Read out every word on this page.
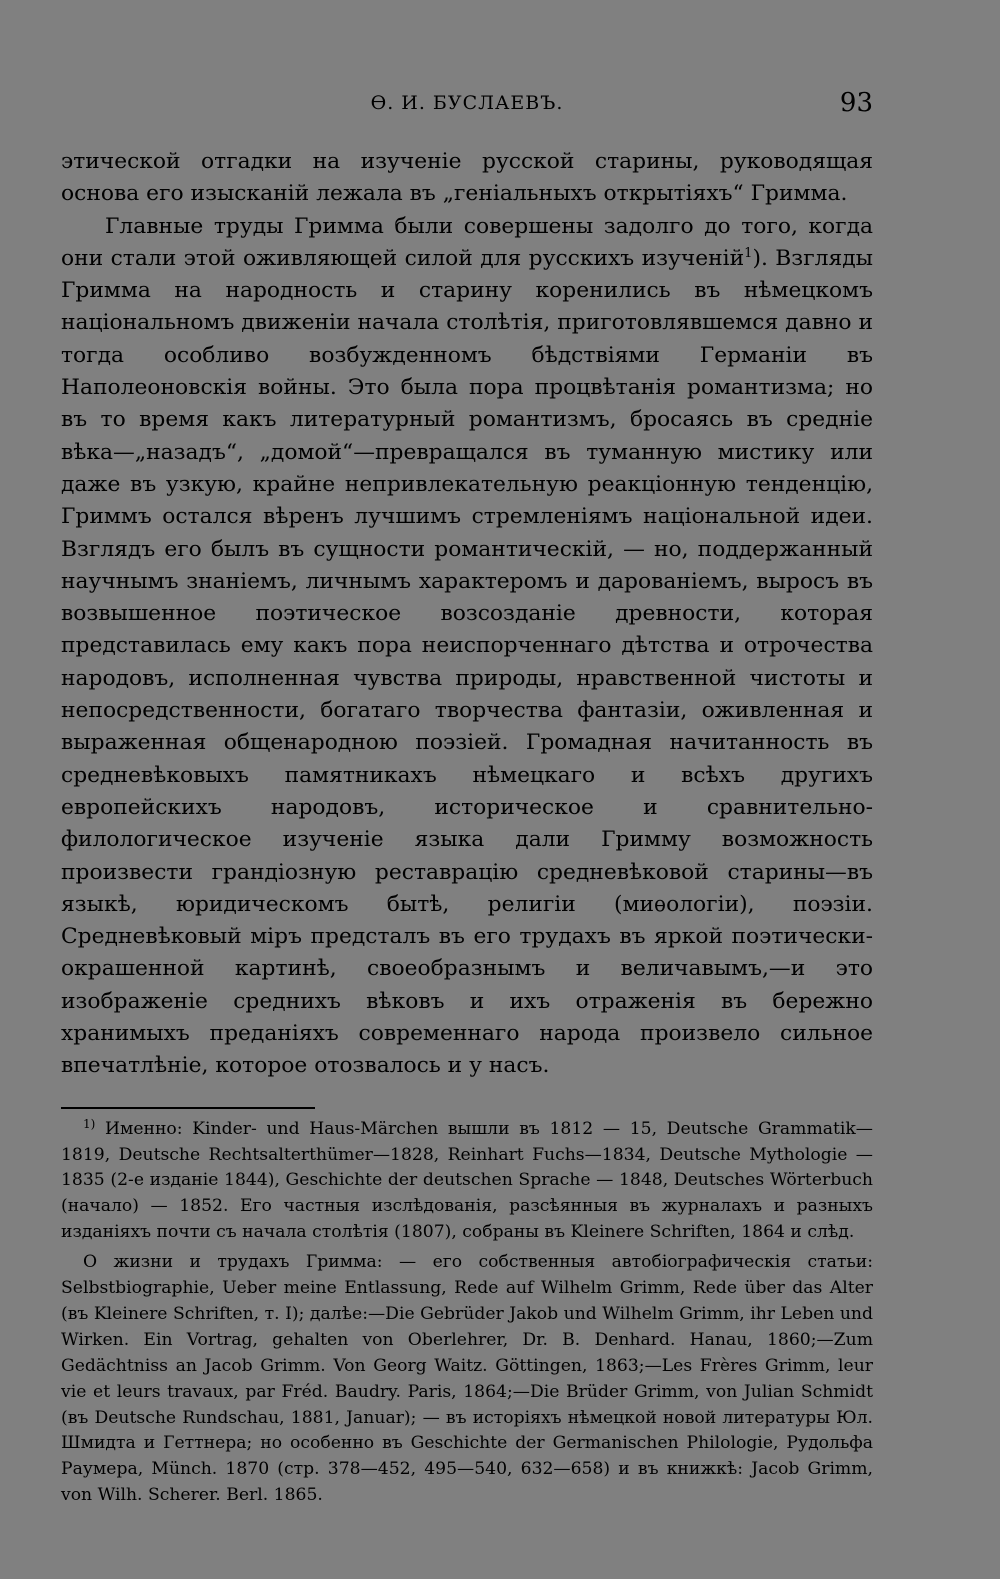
Ѳ. И. БУСЛАЕВЪ.	93

этической отгадки на изученіе русской старины, руководящая основа его изысканій лежала въ „геніальныхъ открытіяхъ“ Гримма.

Главные труды Гримма были совершены задолго до того, когда они стали этой оживляющей силой для русскихъ изученій$^1$). Взгляды Гримма на народность и старину коренились въ нѣмецкомъ національномъ движеніи начала столѣтія, приготовлявшемся давно и тогда особливо возбужденномъ бѣдствіями Германіи въ Наполеоновскія войны. Это была пора процвѣтанія романтизма; но въ то время какъ литературный романтизмъ, бросаясь въ средніе вѣка—„назадъ“, „домой“—превращался въ туманную мистику или даже въ узкую, крайне непривлекательную реакціонную тенденцію, Гриммъ остался вѣренъ лучшимъ стремленіямъ національной идеи. Взглядъ его былъ въ сущности романтическій, — но, поддержанный научнымъ знаніемъ, личнымъ характеромъ и дарованіемъ, выросъ въ возвышенное поэтическое возсозданіе древности, которая представилась ему какъ пора неиспорченнаго дѣтства и отрочества народовъ, исполненная чувства природы, нравственной чистоты и непосредственности, богатаго творчества фантазіи, оживленная и выраженная общенародною поэзіей. Громадная начитанность въ средневѣковыхъ памятникахъ нѣмецкаго и всѣхъ другихъ европейскихъ народовъ, историческое и сравнительно-филологическое изученіе языка дали Гримму возможность произвести грандіозную реставрацію средневѣковой старины—въ языкѣ, юридическомъ бытѣ, религіи (миѳологіи), поэзіи. Средневѣковый міръ предсталъ въ его трудахъ въ яркой поэтически-окрашенной картинѣ, своеобразнымъ и величавымъ,—и это изображеніе среднихъ вѣковъ и ихъ отраженія въ бережно хранимыхъ преданіяхъ современнаго народа произвело сильное впечатлѣніе, которое отозвалось и у насъ.

$^{1)}$ Именно: Kinder- und Haus-Märchen вышли въ 1812 — 15, Deutsche Grammatik—1819, Deutsche Rechtsalterthümer—1828, Reinhart Fuchs—1834, Deutsche Mythologie — 1835 (2-е изданіе 1844), Geschichte der deutschen Sprache — 1848, Deutsches Wörterbuch (начало) — 1852. Его частныя изслѣдованія, разсѣянныя въ журналахъ и разныхъ изданіяхъ почти съ начала столѣтія (1807), собраны въ Kleinere Schriften, 1864 и слѣд.

О жизни и трудахъ Гримма: — его собственныя автобіографическія статьи: Selbstbiographie, Ueber meine Entlassung, Rede auf Wilhelm Grimm, Rede über das Alter (въ Kleinere Schriften, т. I); далѣе:—Die Gebrüder Jakob und Wilhelm Grimm, ihr Leben und Wirken. Ein Vortrag, gehalten von Oberlehrer, Dr. B. Denhard. Hanau, 1860;—Zum Gedächtniss an Jacob Grimm. Von Georg Waitz. Göttingen, 1863;—Les Frères Grimm, leur vie et leurs travaux, par Fréd. Baudry. Paris, 1864;—Die Brüder Grimm, von Julian Schmidt (въ Deutsche Rundschau, 1881, Januar); — въ исторіяхъ нѣмецкой новой литературы Юл. Шмидта и Геттнера; но особенно въ Geschichte der Germanischen Philologie, Рудольфа Раумера, Münch. 1870 (стр. 378—452, 495—540, 632—658) и въ книжкѣ: Jacob Grimm, von Wilh. Scherer. Berl. 1865.
